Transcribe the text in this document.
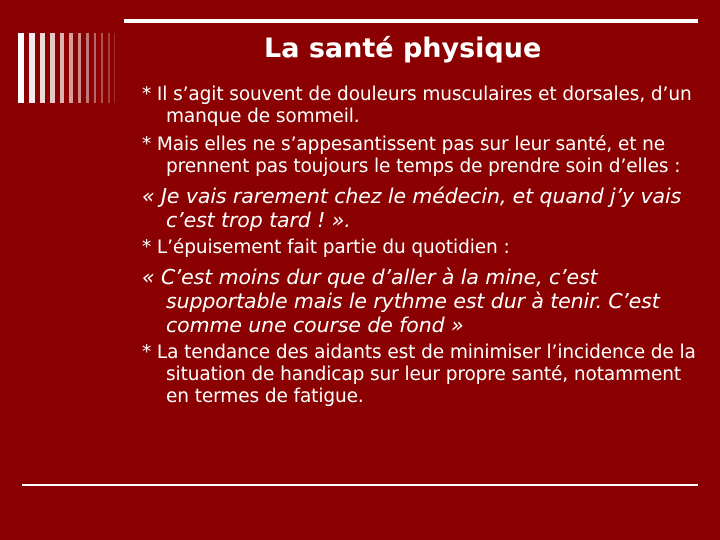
La santé physique

* Il s’agit souvent de douleurs musculaires et dorsales, d’un manque de sommeil.

* Mais elles ne s’appesantissent pas sur leur santé, et ne prennent pas toujours le temps de prendre soin d’elles :

« Je vais rarement chez le médecin, et quand j’y vais c’est trop tard ! ».

* L’épuisement fait partie du quotidien :

« C’est moins dur que d’aller à la mine, c’est supportable mais le rythme est dur à tenir. C’est comme une course de fond »

* La tendance des aidants est de minimiser l’incidence de la situation de handicap sur leur propre santé, notamment en termes de fatigue.
